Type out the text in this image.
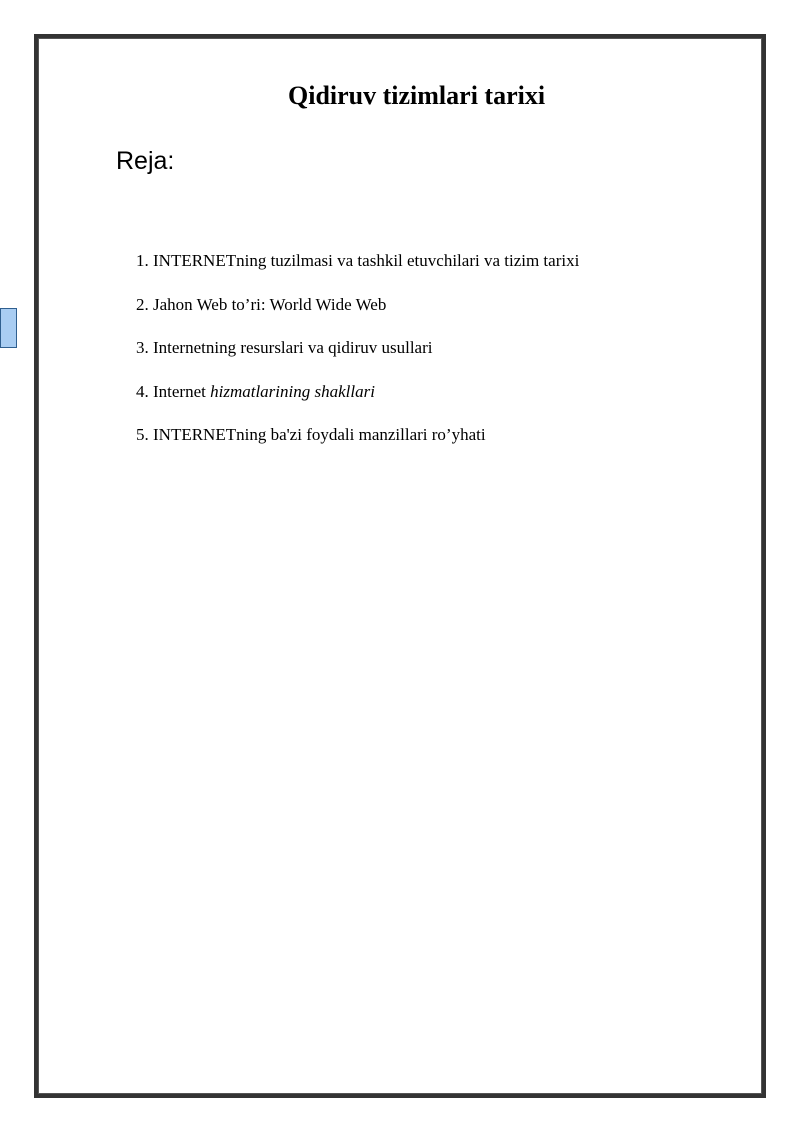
Qidiruv tizimlari tarixi
Reja:
1. INTERNETning tuzilmasi va tashkil etuvchilari va tizim tarixi
2. Jahon Web to’ri: World Wide Web
3. Internetning resurslari va qidiruv usullari
4. Internet hizmatlarining shakllari
5. INTERNETning ba'zi foydali manzillari ro’yhati
